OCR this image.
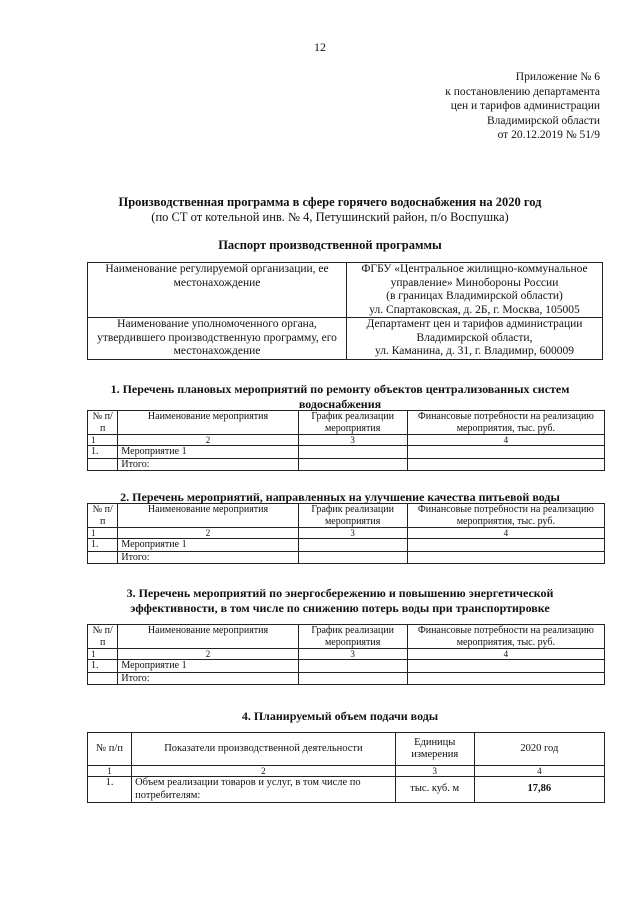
12
Приложение № 6
к постановлению департамента
цен и тарифов администрации
Владимирской области
от 20.12.2019 № 51/9
Производственная программа в сфере горячего водоснабжения на 2020 год
(по СТ от котельной инв. № 4, Петушинский район, п/о Воспушка)
Паспорт производственной программы
Наименование регулируемой организации, ее местонахождение	ФГБУ «Центральное жилищно-коммунальное
управление» Минобороны России
(в границах Владимирской области)
ул. Спартаковская, д. 2Б, г. Москва, 105005

Наименование уполномоченного органа, утвердившего производственную программу, его местонахождение	Департамент цен и тарифов администрации
Владимирской области,
ул. Каманина, д. 31, г. Владимир, 600009
1. Перечень плановых мероприятий по ремонту объектов централизованных систем
водоснабжения
№ п/п	Наименование мероприятия	График реализации мероприятия	Финансовые потребности на реализацию мероприятия, тыс. руб.
1	2	3	4
1.	Мероприятие 1		
	Итого:		
2. Перечень мероприятий, направленных на улучшение качества питьевой воды
№ п/п	Наименование мероприятия	График реализации мероприятия	Финансовые потребности на реализацию мероприятия, тыс. руб.
1	2	3	4
1.	Мероприятие 1		
	Итого:		
3. Перечень мероприятий по энергосбережению и повышению энергетической
эффективности, в том числе по снижению потерь воды при транспортировке
№ п/п	Наименование мероприятия	График реализации мероприятия	Финансовые потребности на реализацию мероприятия, тыс. руб.
1	2	3	4
1.	Мероприятие 1		
	Итого:		
4. Планируемый объем подачи воды
№ п/п	Показатели производственной деятельности	Единицы измерения	2020 год
1	2	3	4
1.	Объем реализации товаров и услуг, в том числе по потребителям:	тыс. куб. м	17,86
